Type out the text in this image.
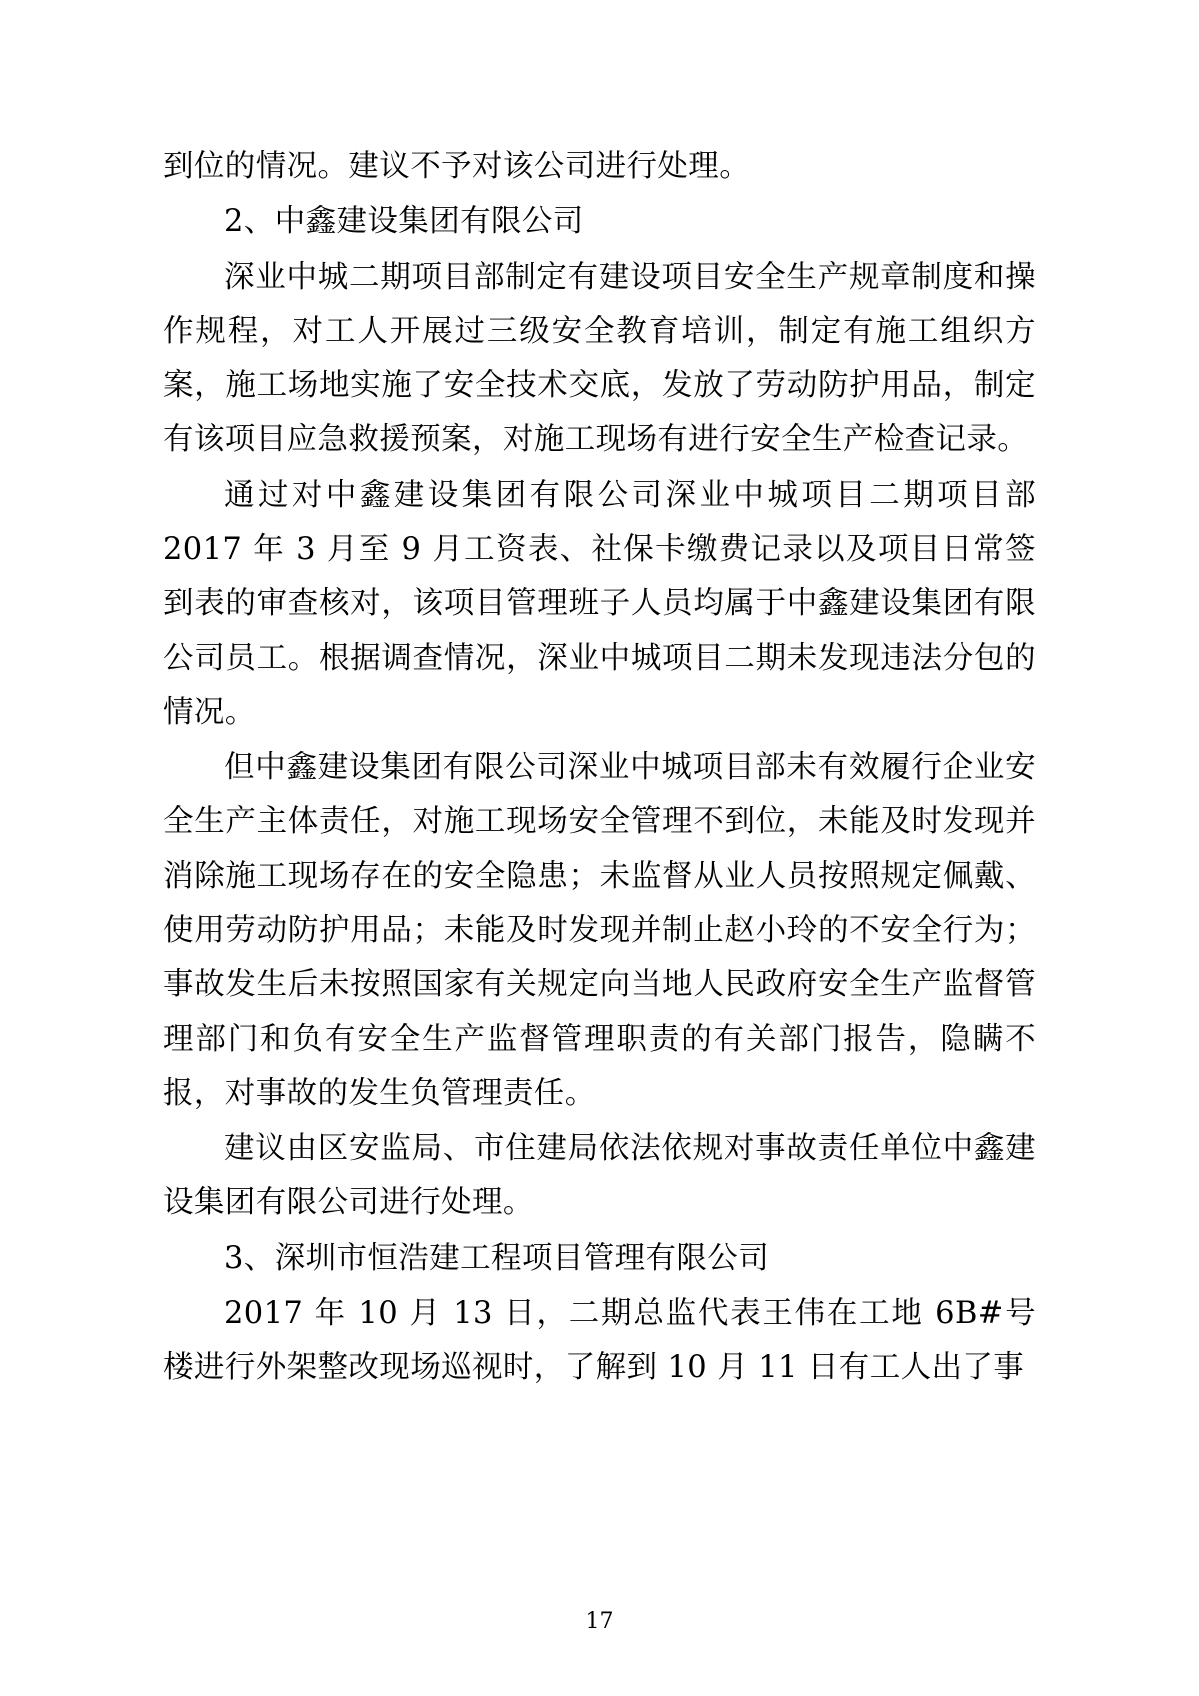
到位的情况。建议不予对该公司进行处理。

2、中鑫建设集团有限公司

深业中城二期项目部制定有建设项目安全生产规章制度和操作规程，对工人开展过三级安全教育培训，制定有施工组织方案，施工场地实施了安全技术交底，发放了劳动防护用品，制定有该项目应急救援预案，对施工现场有进行安全生产检查记录。

通过对中鑫建设集团有限公司深业中城项目二期项目部 2017 年 3 月至 9 月工资表、社保卡缴费记录以及项目日常签到表的审查核对，该项目管理班子人员均属于中鑫建设集团有限公司员工。根据调查情况，深业中城项目二期未发现违法分包的情况。

但中鑫建设集团有限公司深业中城项目部未有效履行企业安全生产主体责任，对施工现场安全管理不到位，未能及时发现并消除施工现场存在的安全隐患；未监督从业人员按照规定佩戴、使用劳动防护用品；未能及时发现并制止赵小玲的不安全行为；事故发生后未按照国家有关规定向当地人民政府安全生产监督管理部门和负有安全生产监督管理职责的有关部门报告，隐瞒不报，对事故的发生负管理责任。

建议由区安监局、市住建局依法依规对事故责任单位中鑫建设集团有限公司进行处理。

3、深圳市恒浩建工程项目管理有限公司

2017 年 10 月 13 日，二期总监代表王伟在工地 6B#号楼进行外架整改现场巡视时，了解到 10 月 11 日有工人出了事

17
